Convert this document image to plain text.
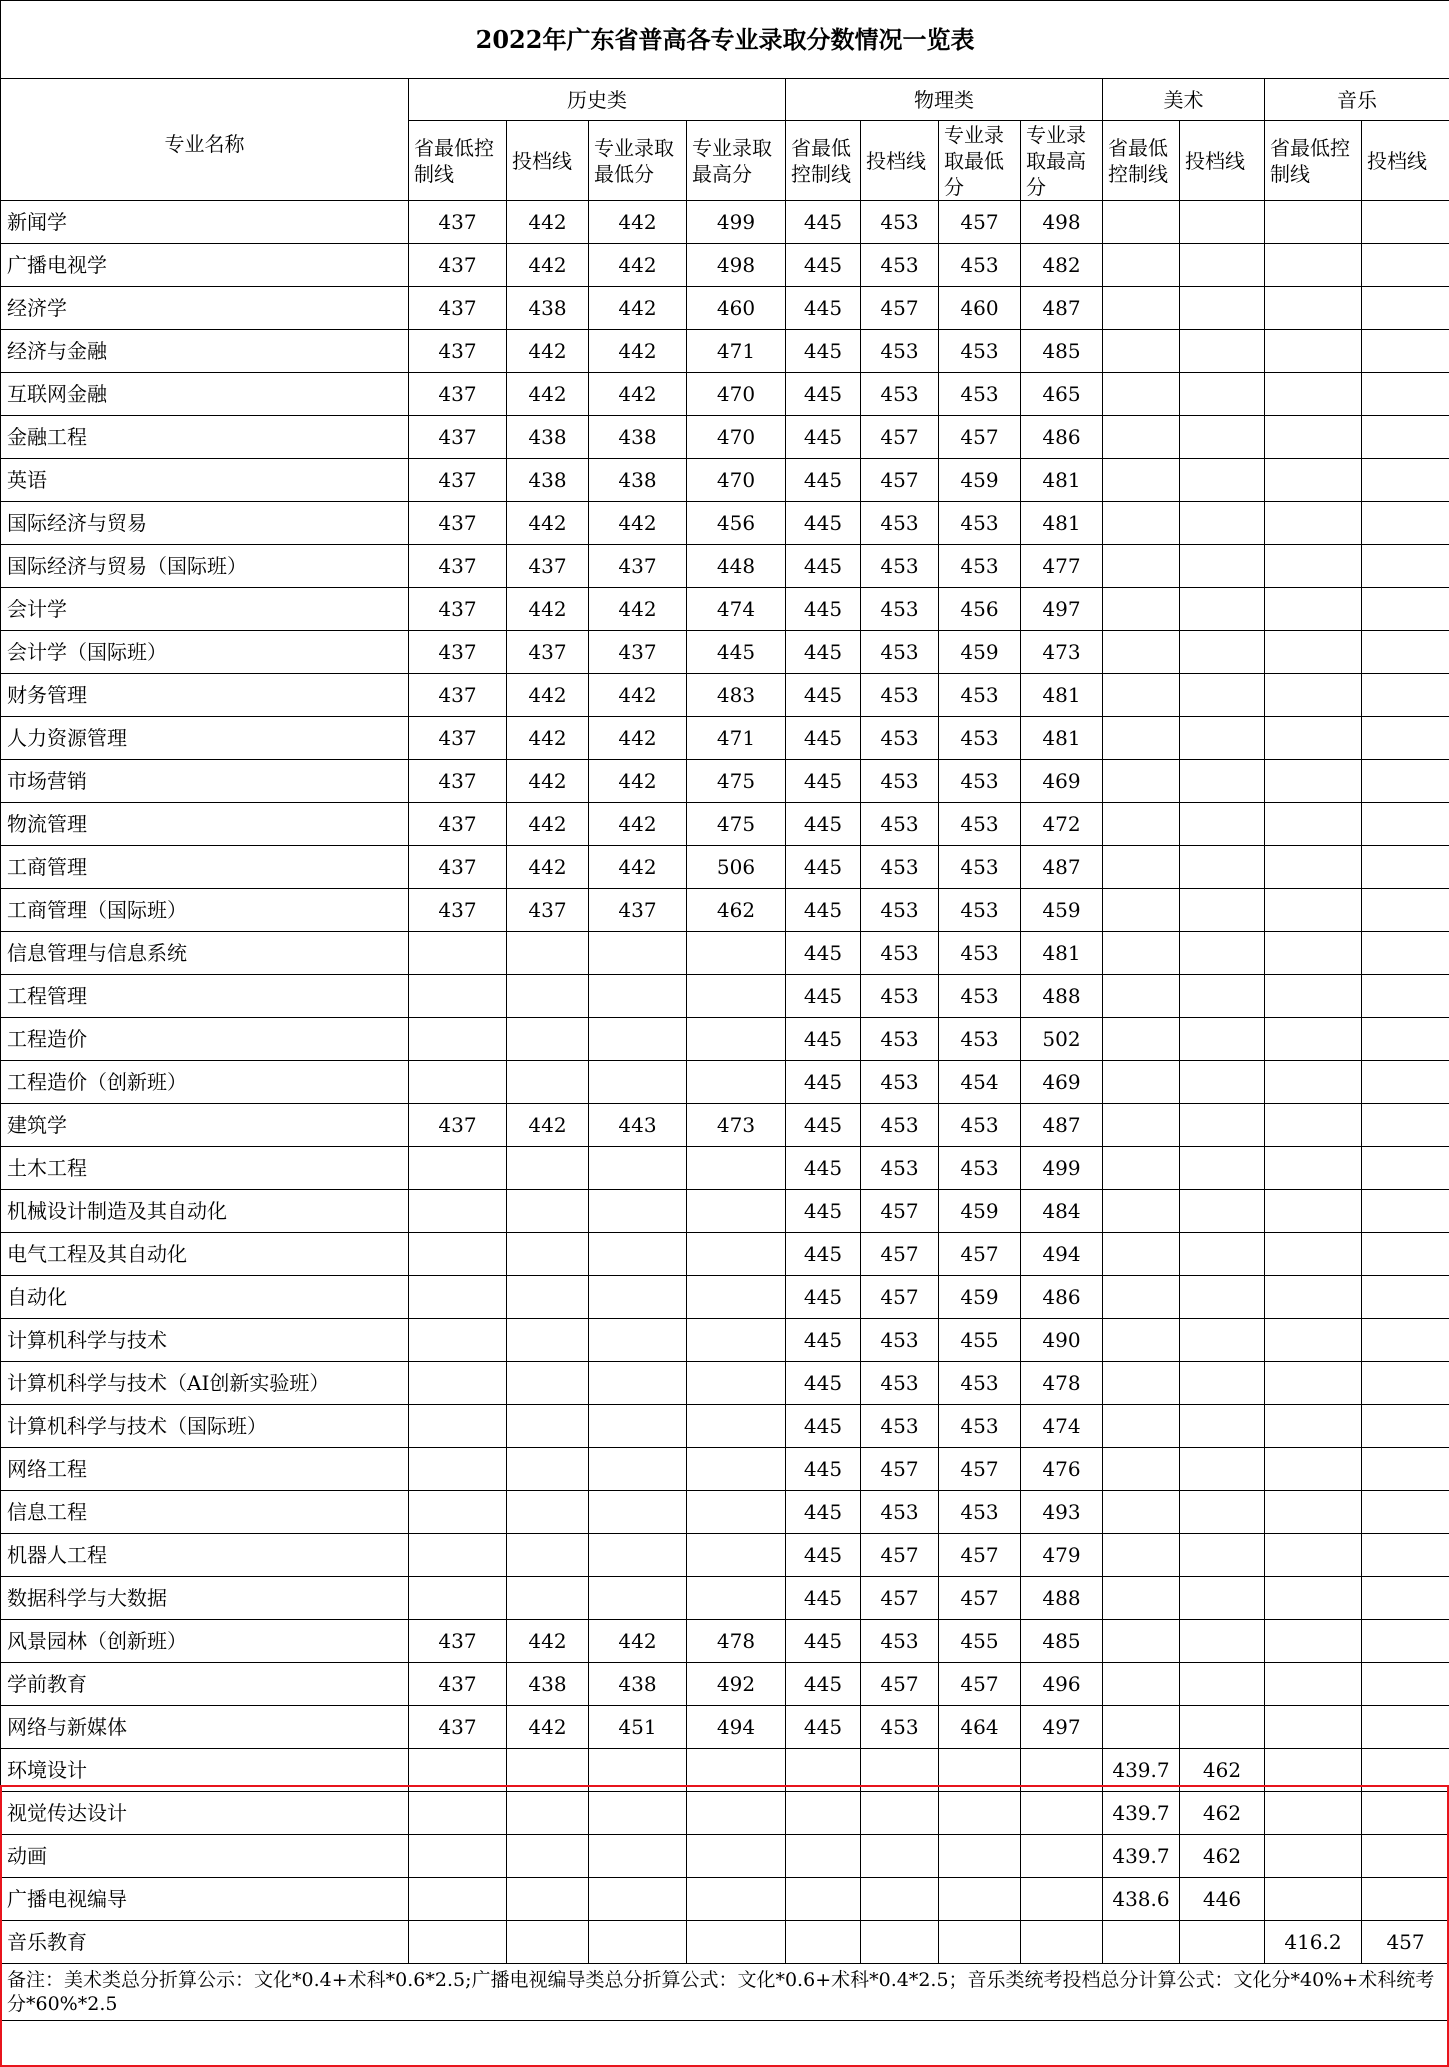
2022年广东省普高各专业录取分数情况一览表												
专业名称	历史类				物理类				美术		音乐	
	省最低控制线	投档线	专业录取最低分	专业录取最高分	省最低控制线	投档线	专业录取最低分	专业录取最高分	省最低控制线	投档线	省最低控制线	投档线
新闻学	437	442	442	499	445	453	457	498				
广播电视学	437	442	442	498	445	453	453	482				
经济学	437	438	442	460	445	457	460	487				
经济与金融	437	442	442	471	445	453	453	485				
互联网金融	437	442	442	470	445	453	453	465				
金融工程	437	438	438	470	445	457	457	486				
英语	437	438	438	470	445	457	459	481				
国际经济与贸易	437	442	442	456	445	453	453	481				
国际经济与贸易（国际班）	437	437	437	448	445	453	453	477				
会计学	437	442	442	474	445	453	456	497				
会计学（国际班）	437	437	437	445	445	453	459	473				
财务管理	437	442	442	483	445	453	453	481				
人力资源管理	437	442	442	471	445	453	453	481				
市场营销	437	442	442	475	445	453	453	469				
物流管理	437	442	442	475	445	453	453	472				
工商管理	437	442	442	506	445	453	453	487				
工商管理（国际班）	437	437	437	462	445	453	453	459				
信息管理与信息系统					445	453	453	481				
工程管理					445	453	453	488				
工程造价					445	453	453	502				
工程造价（创新班）					445	453	454	469				
建筑学	437	442	443	473	445	453	453	487				
土木工程					445	453	453	499				
机械设计制造及其自动化					445	457	459	484				
电气工程及其自动化					445	457	457	494				
自动化					445	457	459	486				
计算机科学与技术					445	453	455	490				
计算机科学与技术（AI创新实验班）					445	453	453	478				
计算机科学与技术（国际班）					445	453	453	474				
网络工程					445	457	457	476				
信息工程					445	453	453	493				
机器人工程					445	457	457	479				
数据科学与大数据					445	457	457	488				
风景园林（创新班）	437	442	442	478	445	453	455	485				
学前教育	437	438	438	492	445	457	457	496				
网络与新媒体	437	442	451	494	445	453	464	497				
环境设计									439.7	462		
视觉传达设计									439.7	462		
动画									439.7	462		
广播电视编导									438.6	446		
音乐教育											416.2	457
备注：美术类总分折算公示：文化*0.4+术科*0.6*2.5;广播电视编导类总分折算公式：文化*0.6+术科*0.4*2.5；音乐类统考投档总分计算公式：文化分*40%+术科统考分*60%*2.5												
